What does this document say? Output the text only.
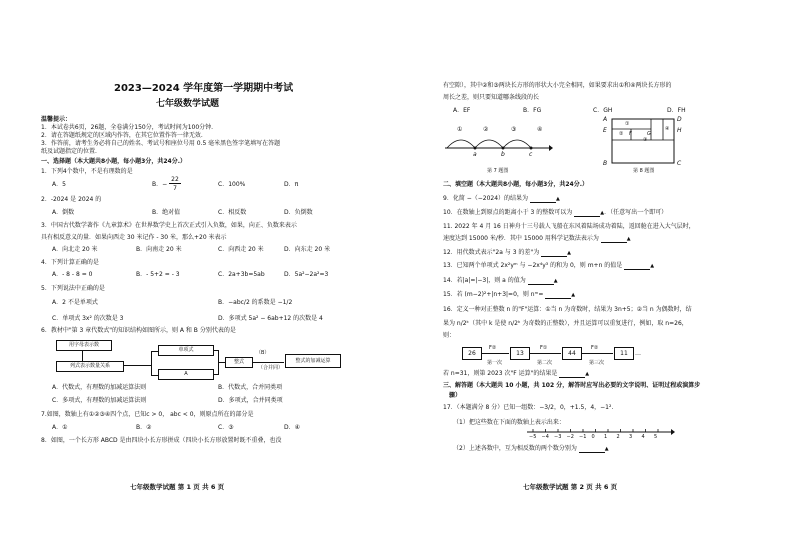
2023—2024 学年度第一学期期中考试
七年级数学试题
温馨提示：
1．本试卷共6页，26题，全卷满分150分，考试时间为100分钟.
2．请在答题纸规定的区域内作答，在其它位置作答一律无效.
3．作答前，请考生务必将自己的姓名、考试号和座位号用 0.5 毫米黑色签字笔填写在答题
纸及试题指定的位置.
一、选择题（本大题共8小题，每小题3分，共24分.）
1．下列4个数中，不是有理数的是
A．5	B．−
22
7
C．100%	D．π
2．-2024 是 2024 的
A．倒数	B．绝对值	C．相反数	D．负倒数
3．中国古代数学著作《九章算术》在世界数学史上首次正式引入负数，如果，向正、负数来表示
具有相反意义的量．如果向西走 30 米记作 - 30 米，那么+20 米表示
A．向北走 20 米	B．向南走 20 米	C．向西走 20 米	D．向东走 20 米
4．下列计算正确的是
A．- 8 - 8 = 0	B．- 5+2 = - 3	C．2a+3b=5ab	D．5a²−2a²=3
5．下列说法中正确的是
A．2 不是单项式	B．−abc/2 的系数是 −1/2
C．单项式 3x² 的次数是 3	D．多项式 5a² − 6ab+12 的次数是 4
6．教材中"第 3 章代数式"的知识结构如图所示，则 A 和 B 分别代表的是
用字母表示数
列式表示数量关系
单项式
A
整式
（B）
（合并同）
整式的加减运算
A．代数式，有理数的加减运算法则	B．代数式，合并同类项
C．多项式，有理数的加减运算法则	D．多项式，合并同类项
7.如图，数轴上有①②③④四个点，已知c > 0， abc < 0，则原点所在的部分是
A．①	B．②	C．③	D．④
8．如图，一个长方形 ABCD 是由四块小长方形拼成（四块小长方形放置时既不重叠，也没
七年级数学试题 第 1 页 共 6 页
有空隙），其中②和③两块长方形的形状大小完全相同，如果要求出①和④两块长方形的
周长之差，则只要知道哪条线段的长
A．EF	B．FG	C．GH	D．FH
①	②	③	④
a	b	c
第 7 题图
A	D
E	H
F	G
B	C
①
②
③
④
第 8 题图
二、填空题（本大题共8小题，每小题3分，共24分.）
9．化简 −（−2024）的结果为	▲
10．在数轴上到原点的距离小于 3 的整数可以为	▲．（任意写出一个即可）
11. 2022 年 4 月 16 日神舟十三号载人飞船在东风着陆场成功着陆，返回舱在进入大气层时，
速度达到 15000 米/秒．其中 15000 用科学记数法表示为	▲
12．用代数式表示"2a 与 3 的差"为	▲
13．已知两个单项式 2x²yᵐ 与 −2x⁴y³ 的和为 0，则 m+n 的值是	▲
14．若|a|=|−3|，则 a 的值为	▲
15．若 (m−2)²+|n+3|=0，则 nᵐ=	▲
16．定义一种对正整数 n 的"F"运算：①当 n 为奇数时，结果为 3n+5；②当 n 为偶数时，结
果为 n/2ᵏ（其中 k 是使 n/2ᵏ 为奇数的正整数），并且运算可以重复进行，例如，取 n=26，
则：
26
F②
第一次
13
F①
第二次
44
F②
第三次
11	…
若 n=31，则第 2023 次"F 运算"的结果是	▲
三、解答题（本大题共 10 小题，共 102 分，解答时应写出必要的文字说明、证明过程或演算步
骤）
17．（本题满分 8 分）已知一组数：−3/2，0，+1.5，4，−1².
（1）把这些数在下面的数轴上表示出来：
−5 −4 −3 −2 −1 0 1 2 3 4 5
（2）上述各数中，互为相反数的两个数分别为	▲
七年级数学试题 第 2 页 共 6 页
